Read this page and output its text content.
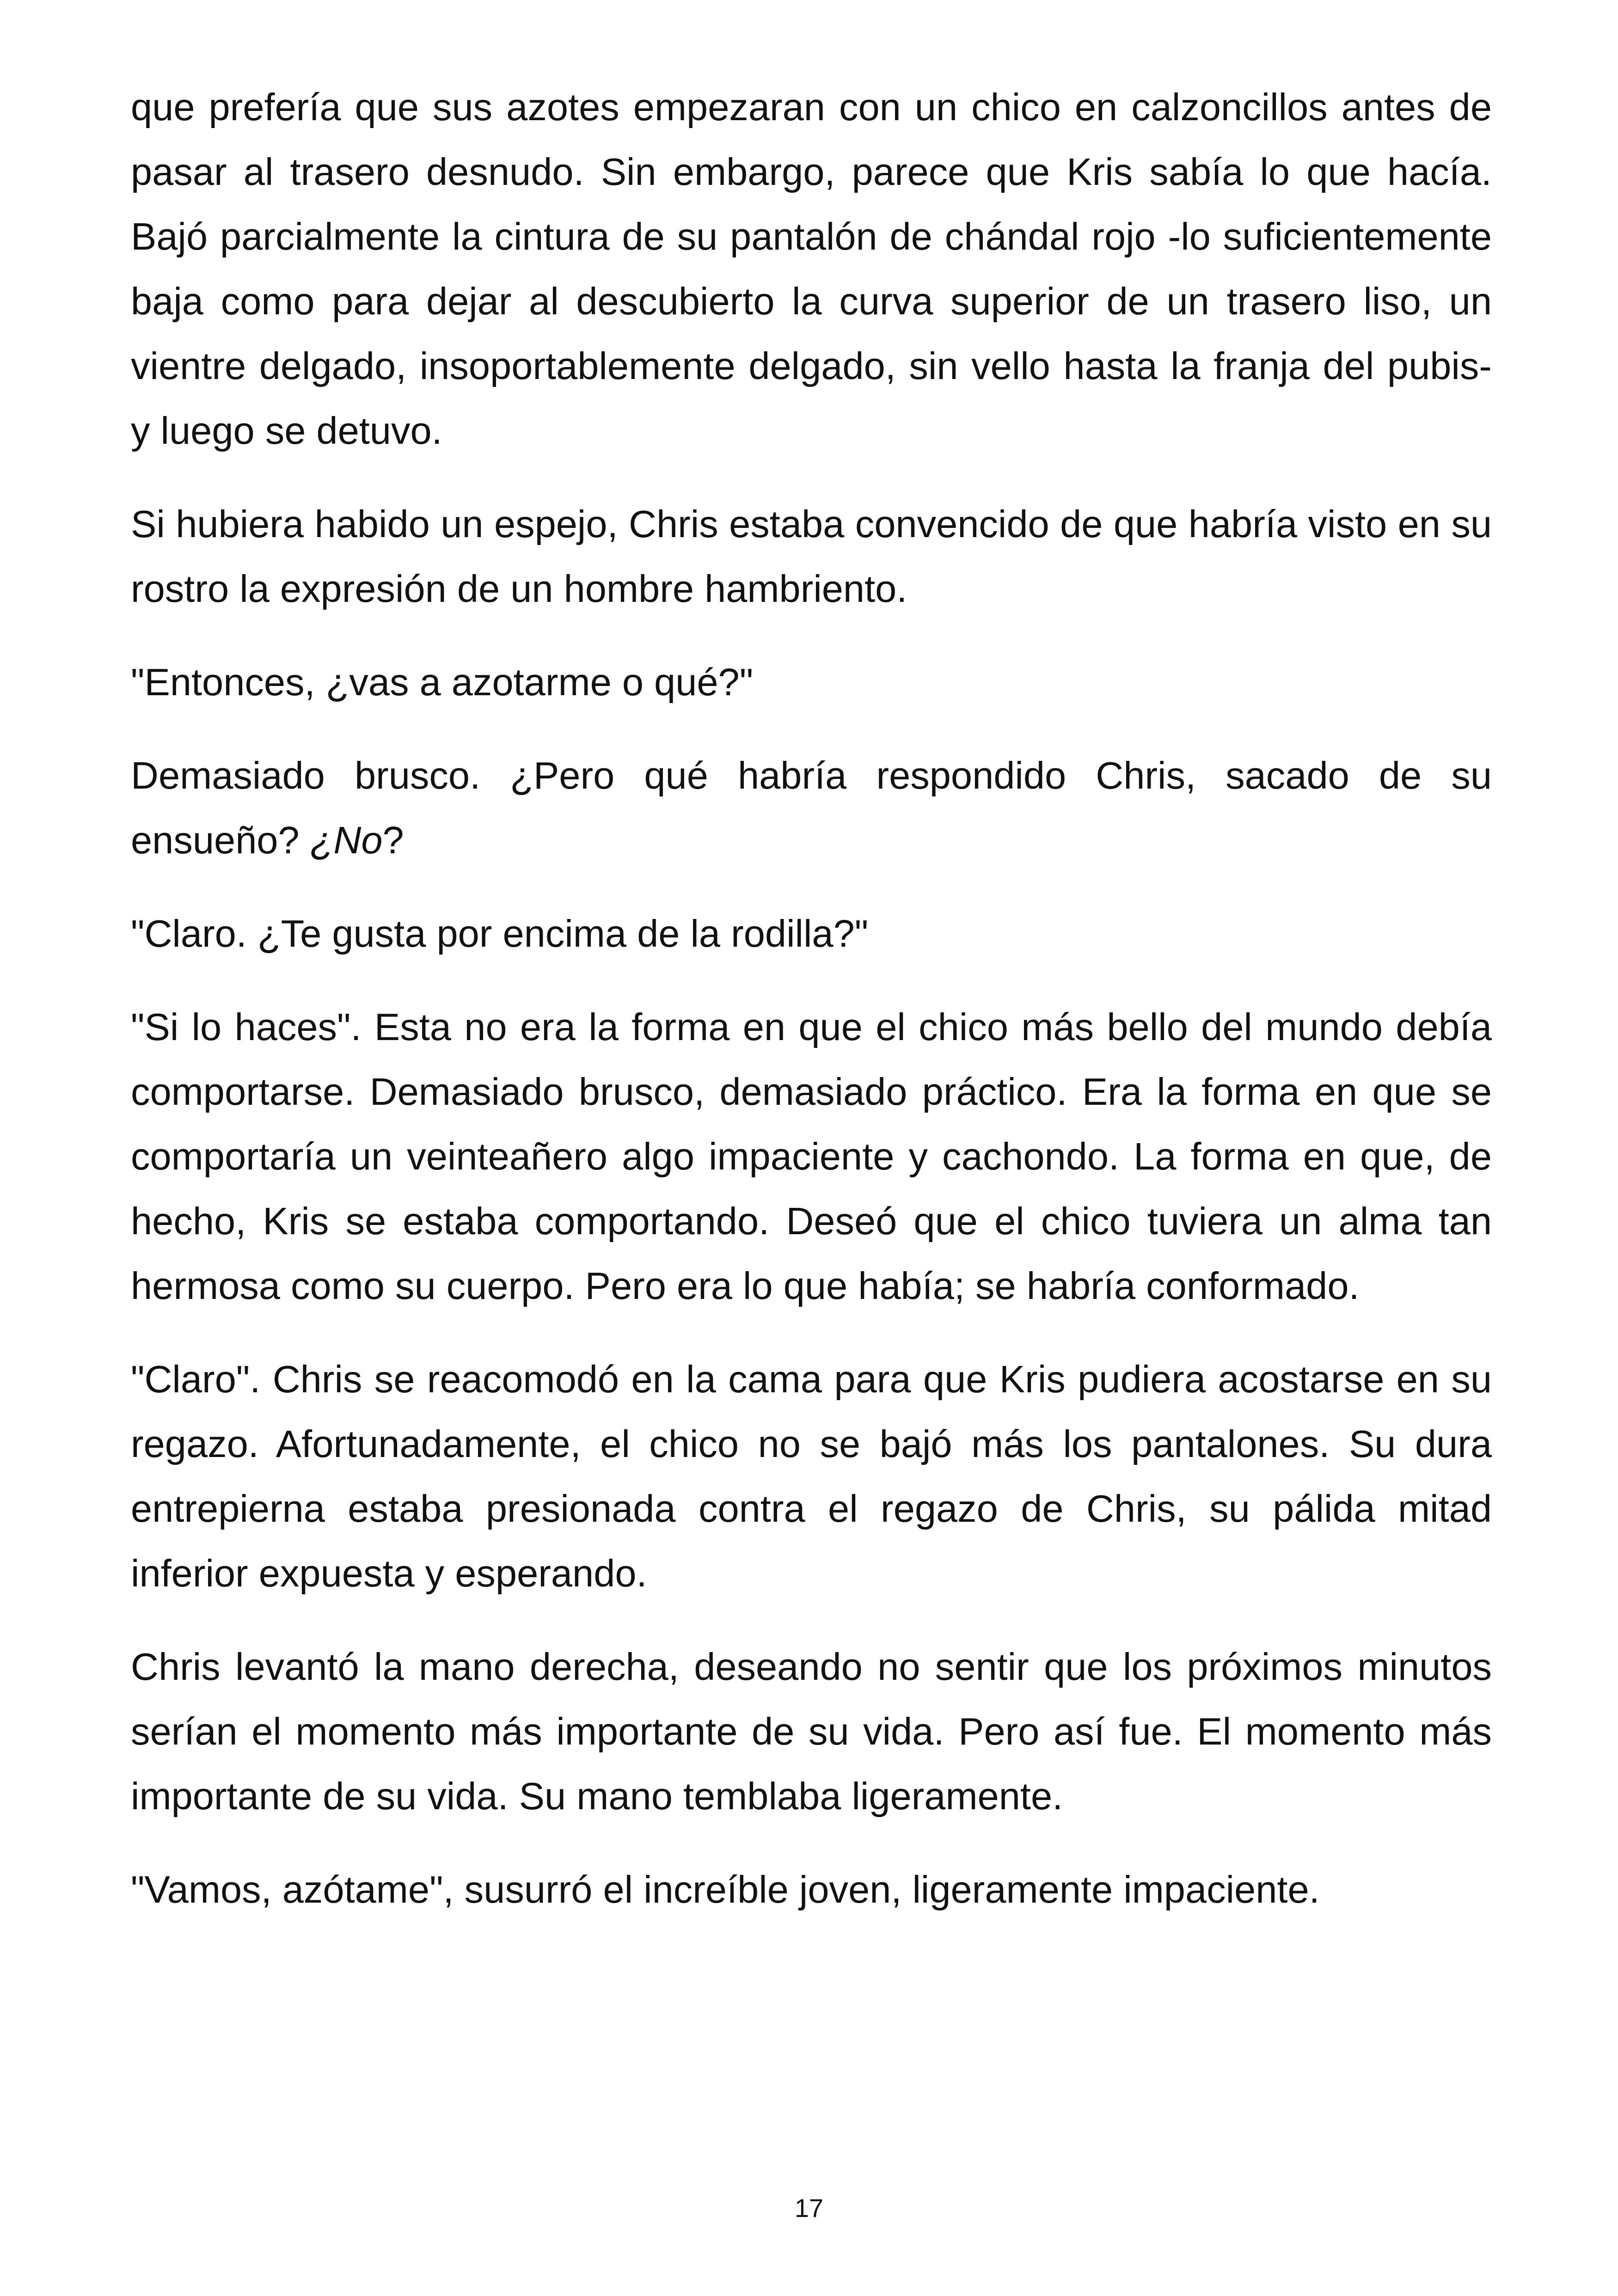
que prefería que sus azotes empezaran con un chico en calzoncillos antes de pasar al trasero desnudo. Sin embargo, parece que Kris sabía lo que hacía. Bajó parcialmente la cintura de su pantalón de chándal rojo -lo suficientemente baja como para dejar al descubierto la curva superior de un trasero liso, un vientre delgado, insoportablemente delgado, sin vello hasta la franja del pubis- y luego se detuvo.

Si hubiera habido un espejo, Chris estaba convencido de que habría visto en su rostro la expresión de un hombre hambriento.

"Entonces, ¿vas a azotarme o qué?"

Demasiado brusco. ¿Pero qué habría respondido Chris, sacado de su ensueño? ¿No?

"Claro. ¿Te gusta por encima de la rodilla?"

"Si lo haces". Esta no era la forma en que el chico más bello del mundo debía comportarse. Demasiado brusco, demasiado práctico. Era la forma en que se comportaría un veinteañero algo impaciente y cachondo. La forma en que, de hecho, Kris se estaba comportando. Deseó que el chico tuviera un alma tan hermosa como su cuerpo. Pero era lo que había; se habría conformado.

"Claro". Chris se reacomodó en la cama para que Kris pudiera acostarse en su regazo. Afortunadamente, el chico no se bajó más los pantalones. Su dura entrepierna estaba presionada contra el regazo de Chris, su pálida mitad inferior expuesta y esperando.

Chris levantó la mano derecha, deseando no sentir que los próximos minutos serían el momento más importante de su vida. Pero así fue. El momento más importante de su vida. Su mano temblaba ligeramente.

"Vamos, azótame", susurró el increíble joven, ligeramente impaciente.

17
